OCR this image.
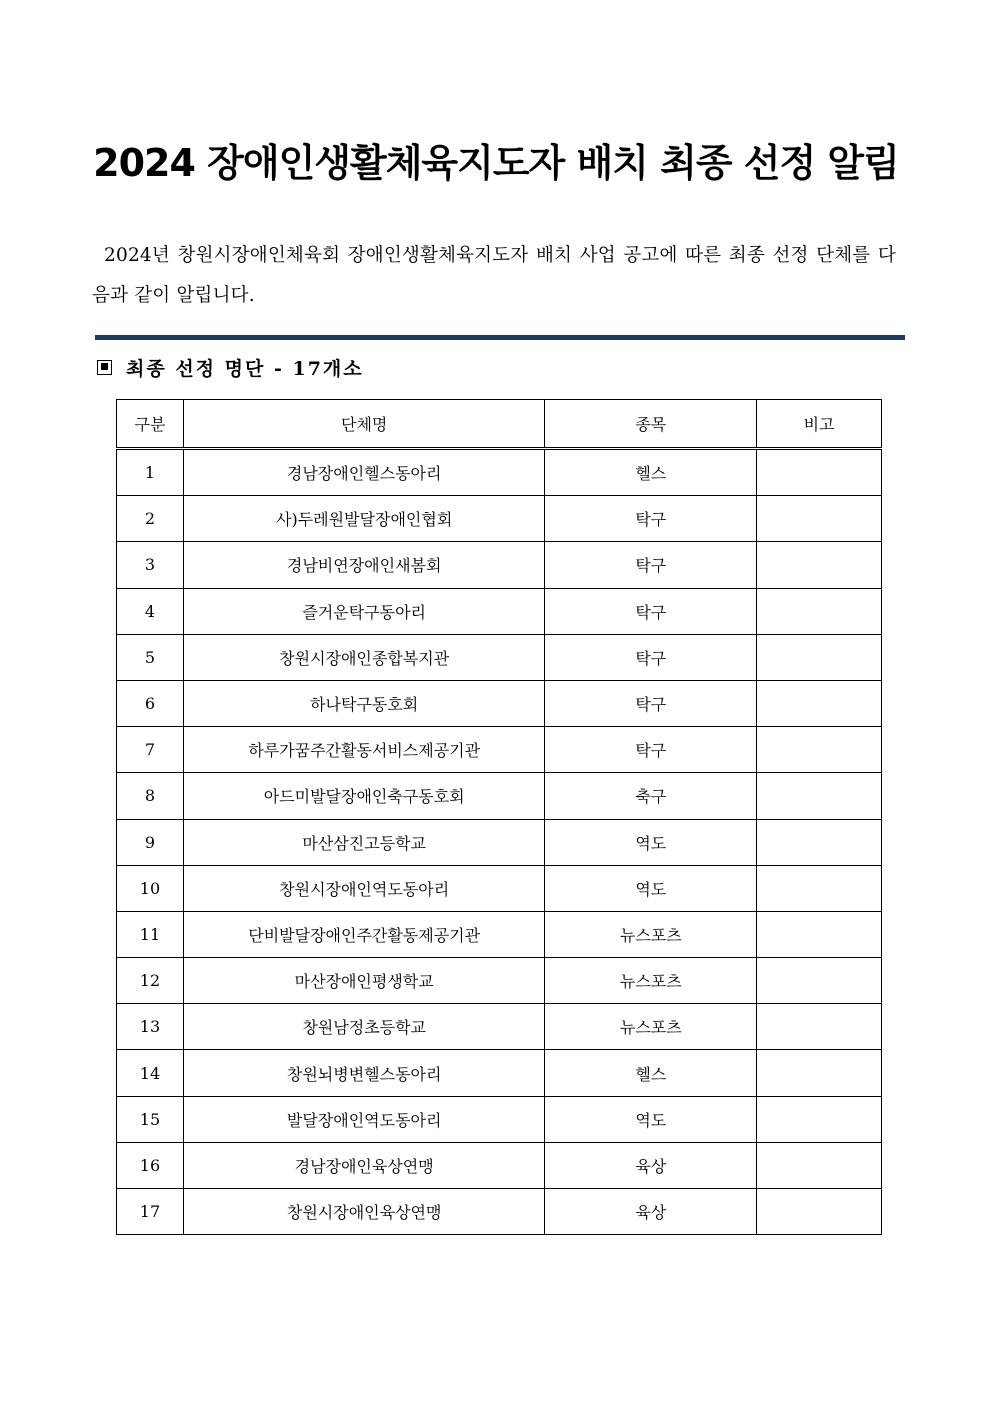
2024 장애인생활체육지도자 배치 최종 선정 알림

2024년 창원시장애인체육회 장애인생활체육지도자 배치 사업 공고에 따른 최종 선정 단체를 다음과 같이 알립니다.

최종 선정 명단 - 17개소
구분	단체명	종목	비고
1	경남장애인헬스동아리	헬스	
2	사)두레원발달장애인협회	탁구	
3	경남비연장애인새봄회	탁구	
4	즐거운탁구동아리	탁구	
5	창원시장애인종합복지관	탁구	
6	하나탁구동호회	탁구	
7	하루가꿈주간활동서비스제공기관	탁구	
8	아드미발달장애인축구동호회	축구	
9	마산삼진고등학교	역도	
10	창원시장애인역도동아리	역도	
11	단비발달장애인주간활동제공기관	뉴스포츠	
12	마산장애인평생학교	뉴스포츠	
13	창원남정초등학교	뉴스포츠	
14	창원뇌병변헬스동아리	헬스	
15	발달장애인역도동아리	역도	
16	경남장애인육상연맹	육상	
17	창원시장애인육상연맹	육상	
